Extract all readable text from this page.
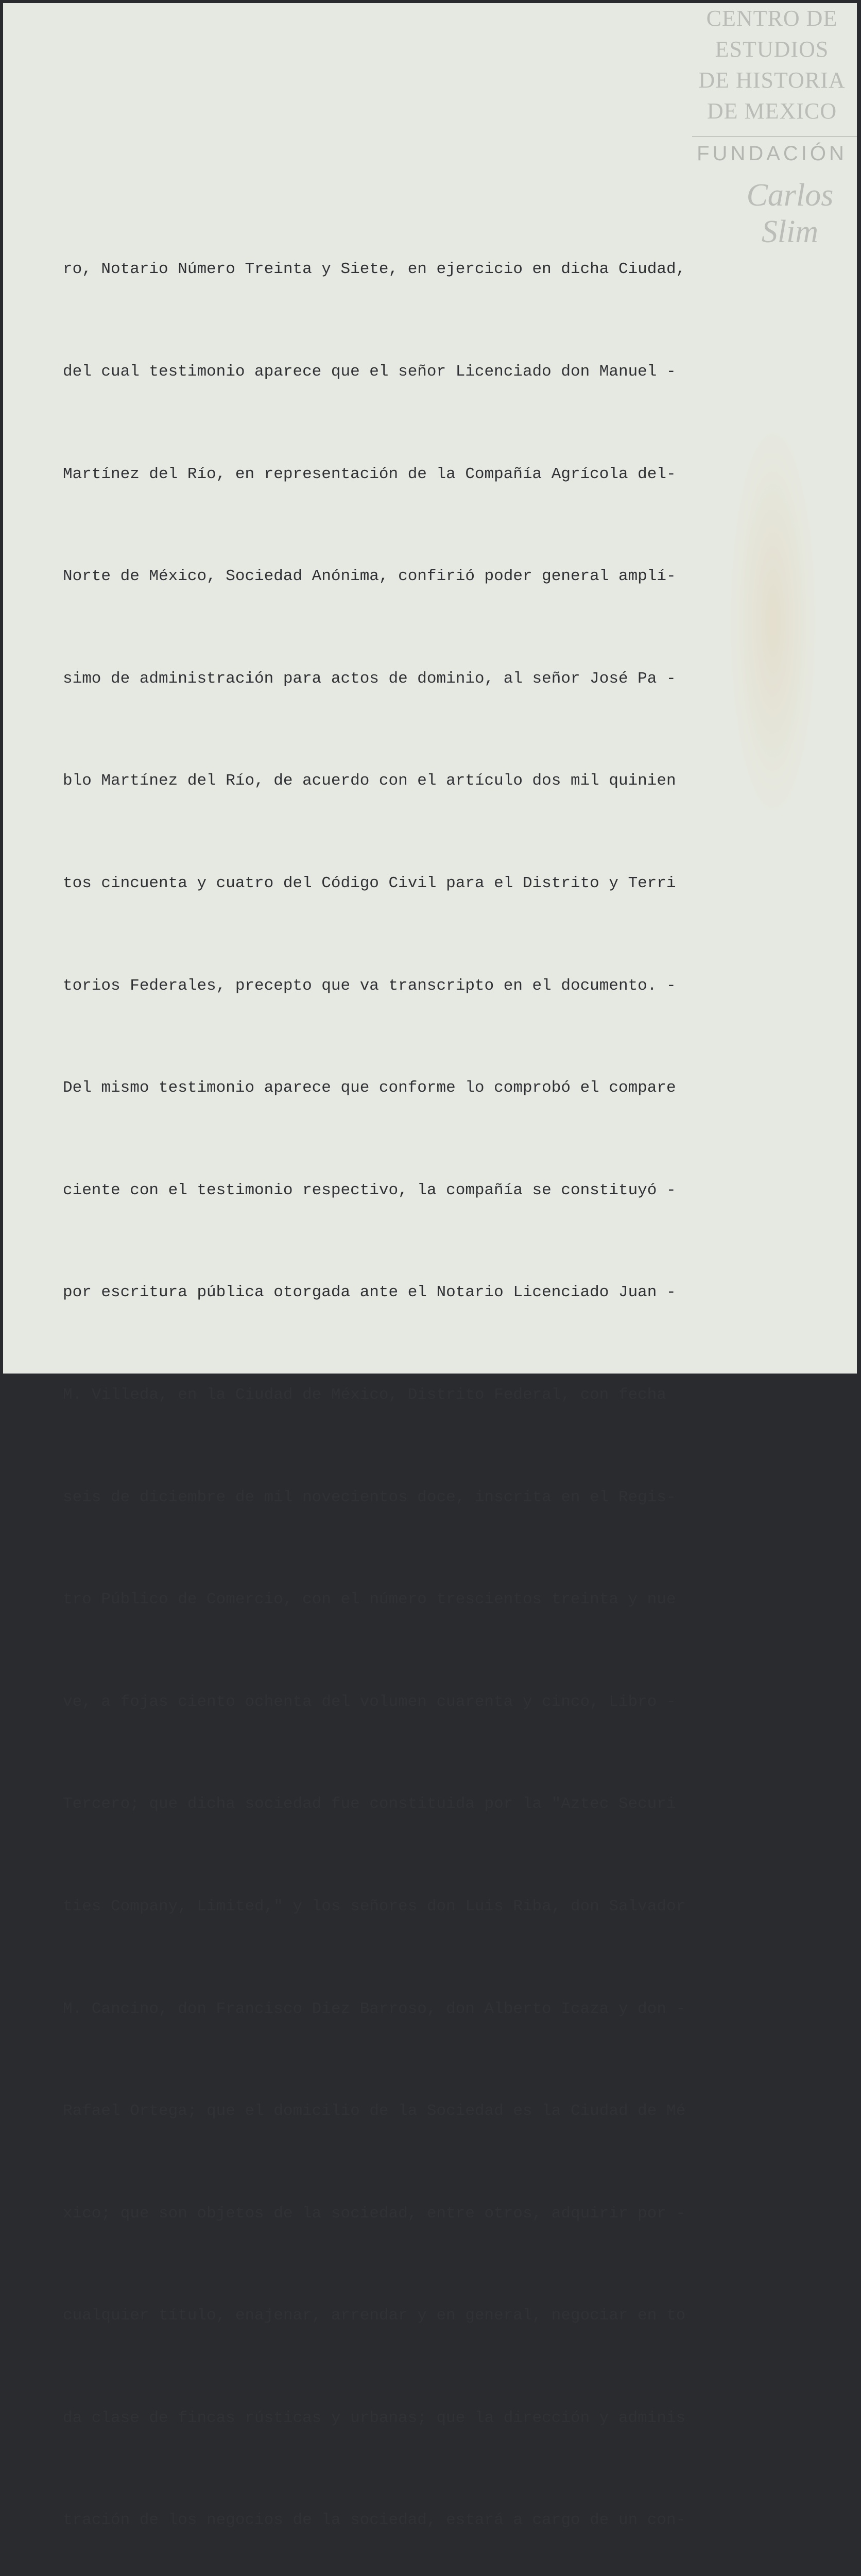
CENTRO DE
ESTUDIOS
DE HISTORIA
DE MEXICO
FUNDACIÓN
Carlos Slim

ro, Notario Número Treinta y Siete, en ejercicio en dicha Ciudad,

del cual testimonio aparece que el señor Licenciado don Manuel -

Martínez del Río, en representación de la Compañía Agrícola del-

Norte de México, Sociedad Anónima, confirió poder general amplí-

simo de administración para actos de dominio, al señor José Pa -

blo Martínez del Río, de acuerdo con el artículo dos mil quinien

tos cincuenta y cuatro del Código Civil para el Distrito y Terri

torios Federales, precepto que va transcripto en el documento. -

Del mismo testimonio aparece que conforme lo comprobó el compare

ciente con el testimonio respectivo, la compañía se constituyó -

por escritura pública otorgada ante el Notario Licenciado Juan -

M. Villeda, en la Ciudad de México, Distrito Federal, con fecha

seis de diciembre de mil novecientos doce, inscrita en el Regis-

tro Público de Comercio, con el número trescientos treinta y nue

ve, a fojas ciento ochenta del volumen cuarenta y cinco, Libro -

Tercero; que dicha sociedad fue constituida por la "Aztec Securi

ties Company, Limited," y los señores don Luis Riba, don Salvador

M. Cancino, don Francisco Diez Barroso, don Alberto Icaza y don -

Rafael Ortega; que el domicilio de la Sociedad es la Ciudad de Mé

xico; que son objetos de la sociedad, entre otros, adquirir por -

cualquier título, enajenar, arrendar y en general, negociar en to

da clase de fincas rústicas y urbanas; que la dirección y adminis

tración de los negocios de la sociedad, estará a cargo de un con-
